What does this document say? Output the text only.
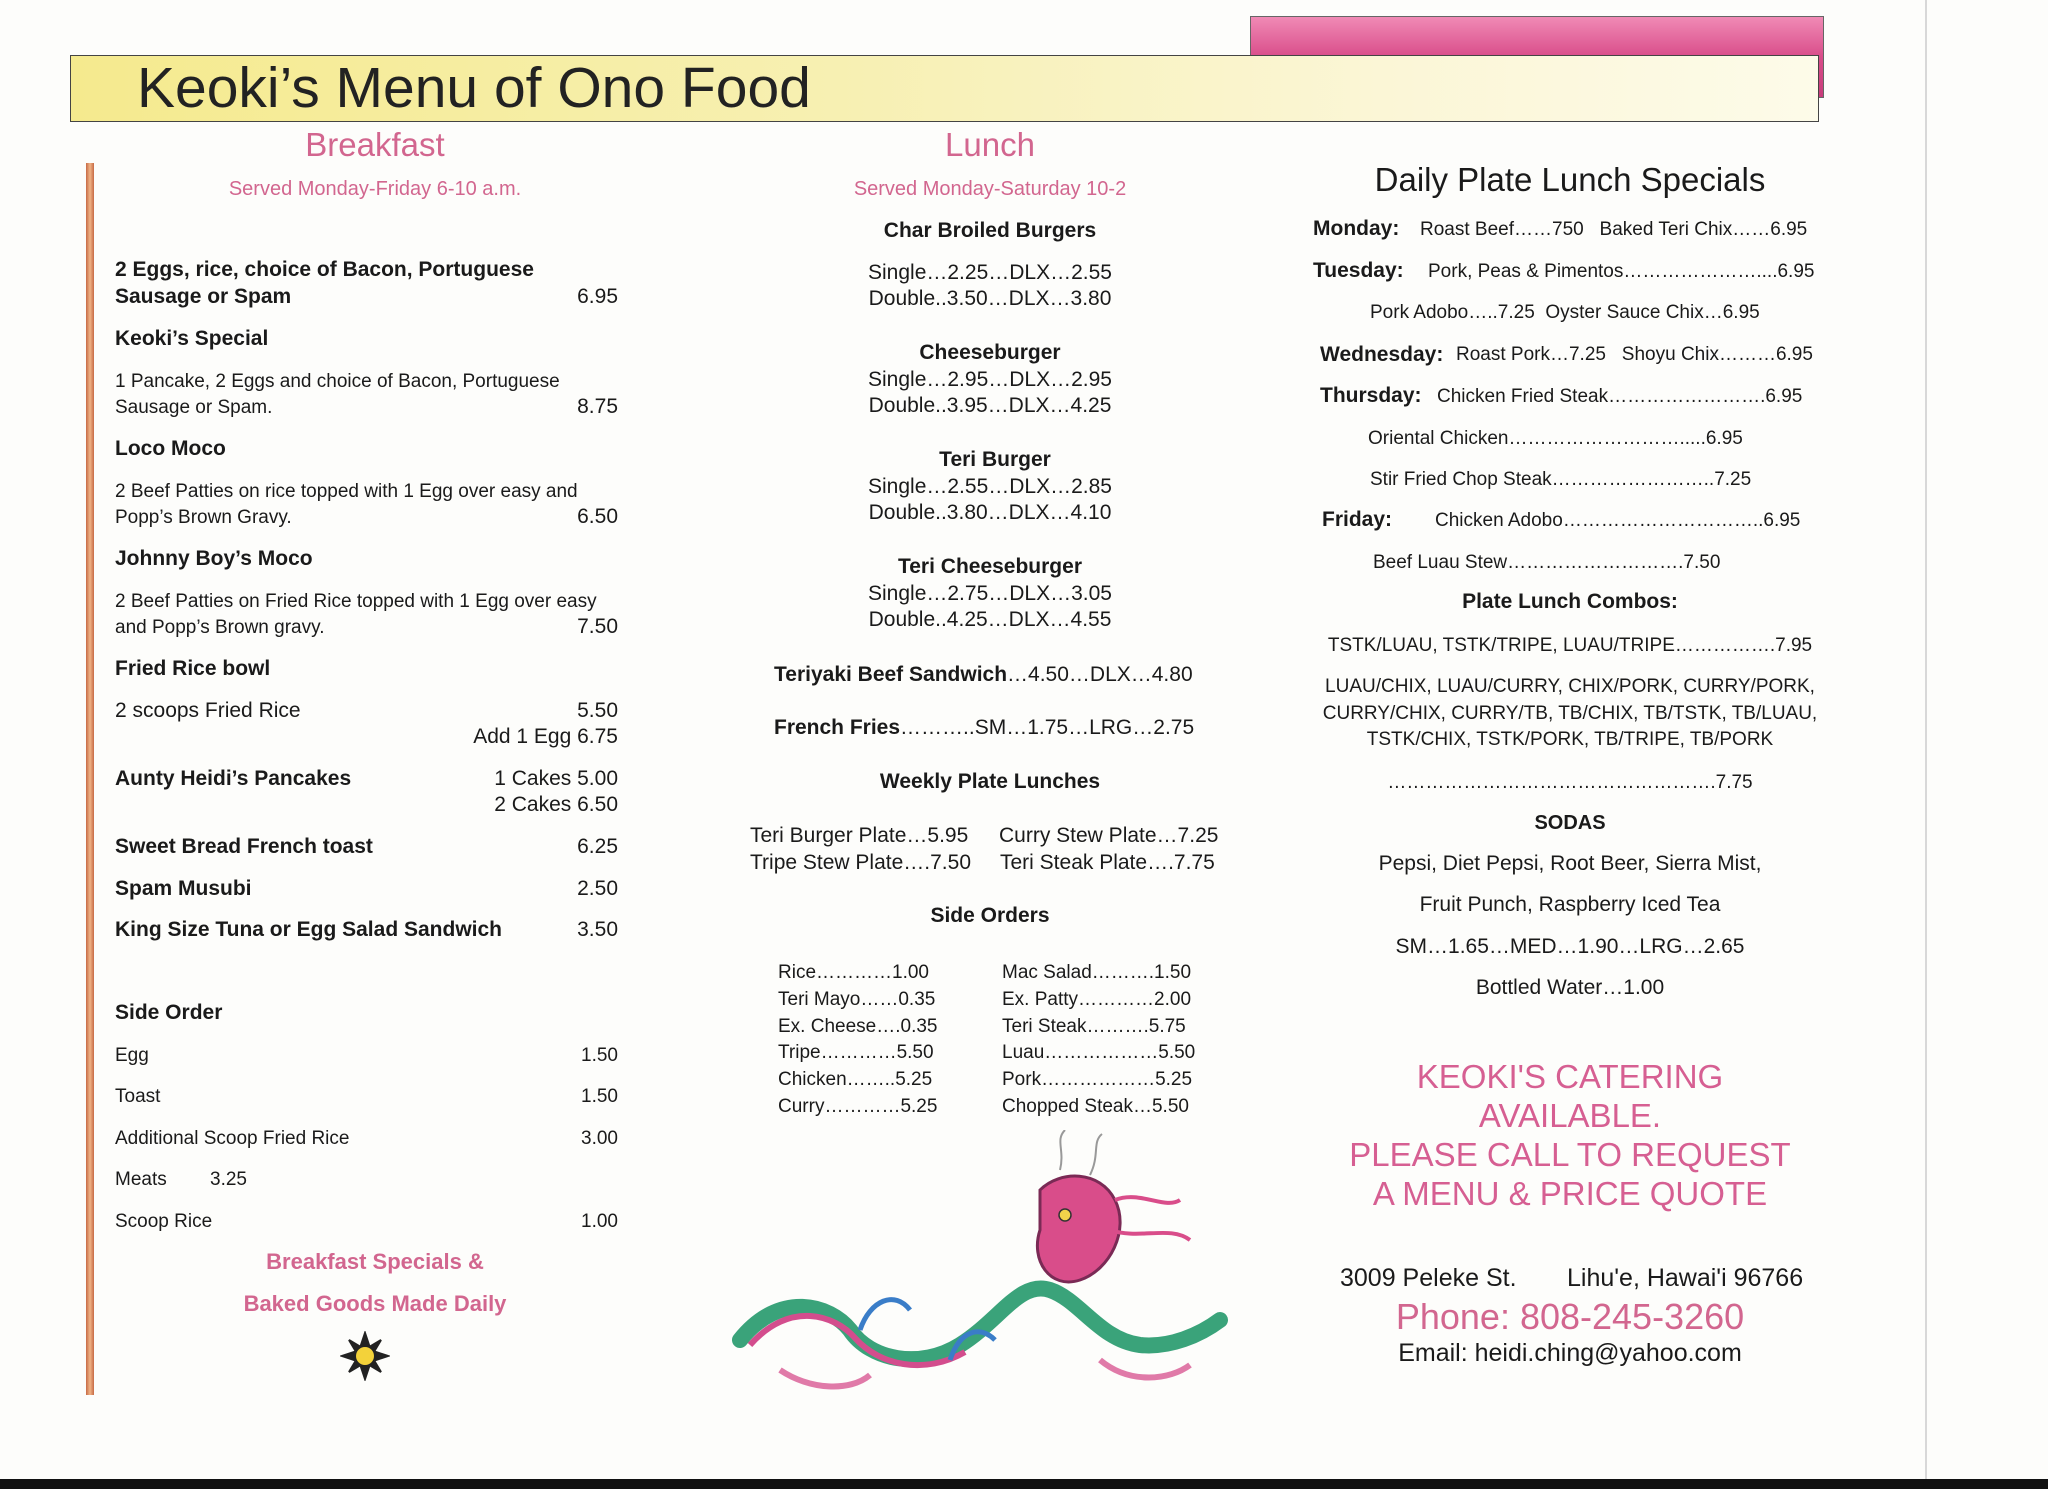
Keoki’s Menu of Ono Food
Breakfast
Served Monday-Friday 6-10 a.m.
2 Eggs, rice, choice of Bacon, Portuguese
Sausage or Spam	6.95
Keoki’s Special
1 Pancake, 2 Eggs and choice of Bacon, Portuguese
Sausage or Spam.	8.75
Loco Moco
2 Beef Patties on rice topped with 1 Egg over easy and
Popp’s Brown Gravy.	6.50
Johnny Boy’s Moco
2 Beef Patties on Fried Rice topped with 1 Egg over easy
and Popp’s Brown gravy.	7.50
Fried Rice bowl
2 scoops Fried Rice	5.50
Add 1 Egg 6.75
Aunty Heidi’s Pancakes	1 Cakes 5.00
2 Cakes 6.50
Sweet Bread French toast	6.25
Spam Musubi	2.50
King Size Tuna or Egg Salad Sandwich	3.50
Side Order
Egg	1.50
Toast	1.50
Additional Scoop Fried Rice	3.00
Meats 3.25
Scoop Rice	1.00
Breakfast Specials &
Baked Goods Made Daily
Lunch
Served Monday-Saturday 10-2
Char Broiled Burgers
Single…2.25…DLX…2.55
Double..3.50…DLX…3.80
Cheeseburger
Single…2.95…DLX…2.95
Double..3.95…DLX…4.25
Teri Burger
Single…2.55…DLX…2.85
Double..3.80…DLX…4.10
Teri Cheeseburger
Single…2.75…DLX…3.05
Double..4.25…DLX…4.55
Teriyaki Beef Sandwich…4.50…DLX…4.80
French Fries………..SM…1.75…LRG…2.75
Weekly Plate Lunches
Teri Burger Plate…5.95 Curry Stew Plate…7.25
Tripe Stew Plate….7.50 Teri Steak Plate….7.75
Side Orders
Rice…………1.00
Teri Mayo……0.35
Ex. Cheese….0.35
Tripe…………5.50
Chicken……..5.25
Curry…………5.25
Mac Salad……….1.50
Ex. Patty…………2.00
Teri Steak……….5.75
Luau………………5.50
Pork………………5.25
Chopped Steak…5.50
Daily Plate Lunch Specials
Monday: Roast Beef……750   Baked Teri Chix……6.95
Tuesday: Pork, Peas & Pimentos…………………....6.95
Pork Adobo…..7.25  Oyster Sauce Chix…6.95
Wednesday: Roast Pork…7.25   Shoyu Chix………6.95
Thursday: Chicken Fried Steak…………………….6.95
Oriental Chicken……………………….....6.95
Stir Fried Chop Steak……………………..7.25
Friday: Chicken Adobo…………………………..6.95
Beef Luau Stew……………………….7.50
Plate Lunch Combos:
TSTK/LUAU, TSTK/TRIPE, LUAU/TRIPE…………….7.95
LUAU/CHIX, LUAU/CURRY, CHIX/PORK, CURRY/PORK,
CURRY/CHIX, CURRY/TB, TB/CHIX, TB/TSTK, TB/LUAU,
TSTK/CHIX, TSTK/PORK, TB/TRIPE, TB/PORK
…………………………………………….7.75
SODAS
Pepsi, Diet Pepsi, Root Beer, Sierra Mist,
Fruit Punch, Raspberry Iced Tea
SM…1.65…MED…1.90…LRG…2.65
Bottled Water…1.00
KEOKI'S CATERING
AVAILABLE.
PLEASE CALL TO REQUEST
A MENU & PRICE QUOTE
3009 Peleke St. Lihu'e, Hawai'i 96766
Phone: 808-245-3260
Email: heidi.ching@yahoo.com
